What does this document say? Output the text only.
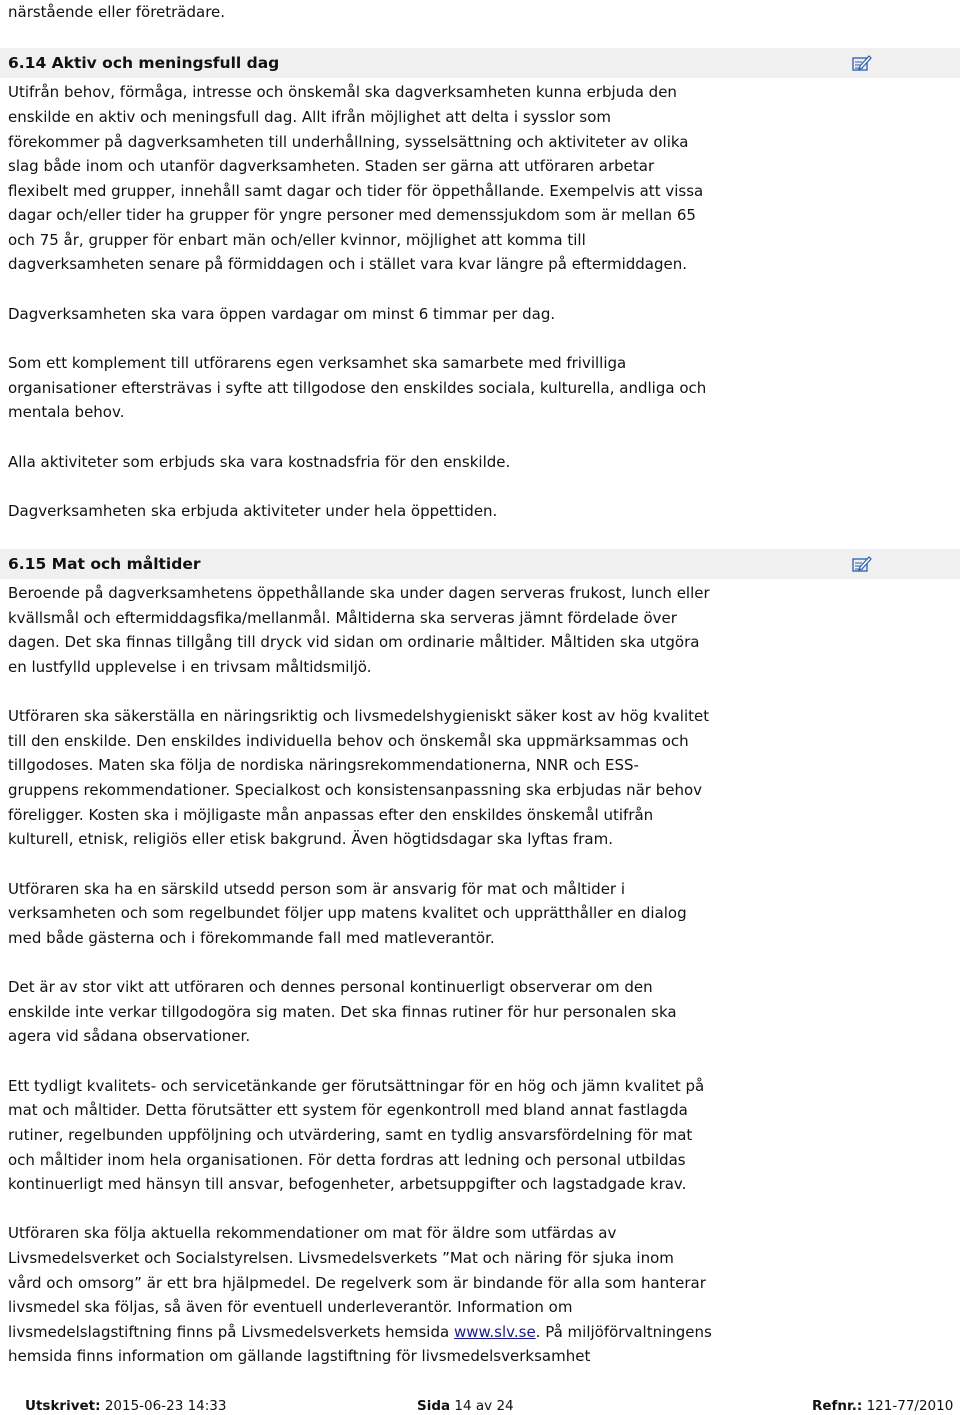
närstående eller företrädare.
6.14 Aktiv och meningsfull dag
Utifrån behov, förmåga, intresse och önskemål ska dagverksamheten kunna erbjuda den
enskilde en aktiv och meningsfull dag. Allt ifrån möjlighet att delta i sysslor som
förekommer på dagverksamheten till underhållning, sysselsättning och aktiviteter av olika
slag både inom och utanför dagverksamheten. Staden ser gärna att utföraren arbetar
flexibelt med grupper, innehåll samt dagar och tider för öppethållande. Exempelvis att vissa
dagar och/eller tider ha grupper för yngre personer med demenssjukdom som är mellan 65
och 75 år, grupper för enbart män och/eller kvinnor, möjlighet att komma till
dagverksamheten senare på förmiddagen och i stället vara kvar längre på eftermiddagen.
Dagverksamheten ska vara öppen vardagar om minst 6 timmar per dag.
Som ett komplement till utförarens egen verksamhet ska samarbete med frivilliga
organisationer eftersträvas i syfte att tillgodose den enskildes sociala, kulturella, andliga och
mentala behov.
Alla aktiviteter som erbjuds ska vara kostnadsfria för den enskilde.
Dagverksamheten ska erbjuda aktiviteter under hela öppettiden.
6.15 Mat och måltider
Beroende på dagverksamhetens öppethållande ska under dagen serveras frukost, lunch eller
kvällsmål och eftermiddagsfika/mellanmål. Måltiderna ska serveras jämnt fördelade över
dagen. Det ska finnas tillgång till dryck vid sidan om ordinarie måltider. Måltiden ska utgöra
en lustfylld upplevelse i en trivsam måltidsmiljö.
Utföraren ska säkerställa en näringsriktig och livsmedelshygieniskt säker kost av hög kvalitet
till den enskilde. Den enskildes individuella behov och önskemål ska uppmärksammas och
tillgodoses. Maten ska följa de nordiska näringsrekommendationerna, NNR och ESS-
gruppens rekommendationer. Specialkost och konsistensanpassning ska erbjudas när behov
föreligger. Kosten ska i möjligaste mån anpassas efter den enskildes önskemål utifrån
kulturell, etnisk, religiös eller etisk bakgrund. Även högtidsdagar ska lyftas fram.
Utföraren ska ha en särskild utsedd person som är ansvarig för mat och måltider i
verksamheten och som regelbundet följer upp matens kvalitet och upprätthåller en dialog
med både gästerna och i förekommande fall med matleverantör.
Det är av stor vikt att utföraren och dennes personal kontinuerligt observerar om den
enskilde inte verkar tillgodogöra sig maten. Det ska finnas rutiner för hur personalen ska
agera vid sådana observationer.
Ett tydligt kvalitets- och servicetänkande ger förutsättningar för en hög och jämn kvalitet på
mat och måltider. Detta förutsätter ett system för egenkontroll med bland annat fastlagda
rutiner, regelbunden uppföljning och utvärdering, samt en tydlig ansvarsfördelning för mat
och måltider inom hela organisationen. För detta fordras att ledning och personal utbildas
kontinuerligt med hänsyn till ansvar, befogenheter, arbetsuppgifter och lagstadgade krav.
Utföraren ska följa aktuella rekommendationer om mat för äldre som utfärdas av
Livsmedelsverket och Socialstyrelsen. Livsmedelsverkets ”Mat och näring för sjuka inom
vård och omsorg” är ett bra hjälpmedel. De regelverk som är bindande för alla som hanterar
livsmedel ska följas, så även för eventuell underleverantör. Information om
livsmedelslagstiftning finns på Livsmedelsverkets hemsida www.slv.se. På miljöförvaltningens
hemsida finns information om gällande lagstiftning för livsmedelsverksamhet
Utskrivet: 2015-06-23 14:33	Sida 14 av 24	Refnr.: 121-77/2010
